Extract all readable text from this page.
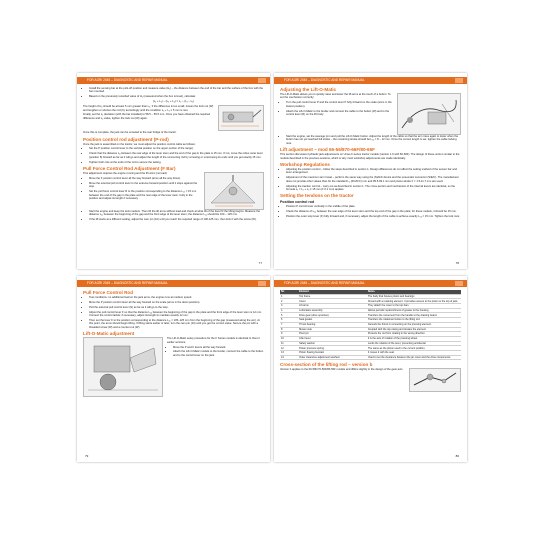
FOR AGRI 2045 – DIAGNOSTIC AND REPAIR MANUAL
• Install the sensing bar at the pick-off position and measure value (H₁) – the distance between the end of the bar and the surface of the box with the bar mounted.
• Based on the previously recorded value of H₁ (measured when the box is level), calculate:

(L₁ + L₂) – (L₃ + L₄) = L₅ – (L₁ – L₂)

The height of H₂ should be at least 5 mm greater than L₅; if the difference is too small, loosen the lock nut (W) and lengthen or shorten the rod (C) accordingly until the condition L₅ + L₂ ≥ 5 mm is met.

Finally, set the L₁ deviation (with the bar installed) to 58.5 – 59.5 mm. Once you have obtained the required difference and L₂ value, tighten the lock nut (W) again.

Once this is complete, the jack can be screwed to the rear bridge of the tractor.

Position control rod adjustment (P-rod)

Once the jack is assembled on the tractor, we must adjust the position control cable as follows:

• Set the P position control lever to the vertical position on the upper portion of the range).
• Check that the distance L₈ between the rear edge of the lever stem and the end of the gap in the plate is 15 mm. If not, move the rebus outer lever (position 8) forward as far as it will go and adjust the length of the connecting rod by screwing or unscrewing its ends until you get exactly 15 mm.
• Tighten both cuts at the ends of the rod to secure the setting.
Pull Force Control Rod Adjustment (F Bar)

This adjustment requires the engine running and the lift arms (no load):

• Move the F position control lever all the way forward (arms all the way down).
• Move the external pull control lever to the extreme forward position until it stops against the stop.
• Set the pull force control lever R to the position corresponding to the distance L₁₀ = 15 mm between the end of the gap in the plate and the rear edge of the lever stem. Fully in the position and adjust its length if necessary.
• Start the engine and keep the lock medium. Then lift the lift arms without load and check at what tilt of the lever R the lifting begins. Measure the distance L₁₁ between the beginning of the gap and the front edge of the lever stem; the distance L₁₁ should be 100 – 125 mm.
• If the lift starts at a different setting, adjust the cam pin (10) until you reach the required range of 100-125 mm, then lock it with the screw (W).
77
FOR AGRI 2045 – DIAGNOSTIC AND REPAIR MANUAL
Adjusting the Lift-O-Matic

The Lift-O-Matic allows you to quickly raise and lower the lift arms at the touch of a button. To set the mechanism correctly:

• Turn the pull control lever P and the control lever P fully forward on the scale (arms in the lowest position).
• Attach the Lift-O-Matic to the fender and connect the cable to the button (W) and to the control lever (R) on the lift body.
• Start the engine, set the average rpm and pull the Lift-O-Matic button. Adjust the length of the cable so that the arm rises again to lower when the button has not yet reached full stroke – the remaining stroke should be L₁₄ = 8 – 12 mm. Once the correct length is set, tighten the cable locking nuts.
Lift adjustment – mod 65-56/870-66F/80-66F

This section discusses hydraulic jack adjustments on Ursus F-series tractor models (version 1.0 with 60-66F). The design of these units is similar to the models described in the previous sections, which is why most workshop adjustments are made identically.

Workshop Regulations
• Adjusting the position control – follow the steps described in section 1. Design differences do not affect the setting method of the sensor bar and lever arrangement.
• Adjustment of the maximum arm travel – perform the same way using the (S)/H/K device and the pneumatic connector (S/E/C). The manufacturer does not provide other values than for the standard L₁ (60-80 F) mm and 95.5-99.1 mm and piston-stroke F = 1.5-11.7 mm are used.
• Adjusting the traction control – carry out as described in section 1. The cross-section and mechanism of the internal levers are identical, so the formula L₁ = L₂ + L₃ ± 15 mm (± 0.1 mm) applies.
Setting the tendons on the tractor
Position control rod
• Position P control lever vertically in the middle of the plate.
• Check the distance of L₁₄ between the rear edge of the lever stem and the top end of the gap in the plate; for these models, it should be 15 mm.
• Position the outer stop lever (F) fully forward and, if necessary, adjust the length of the cable to achieve exactly L₁₄ = 15 mm. Tighten the lock nuts.
78
FOR AGRI 2045 – DIAGNOSTIC AND REPAIR MANUAL
Pull Force Control Rod
• Test conditions: no additional load on the jack arms, the engine runs at medium speed.
• Move the P position control lever all the way forward on the scale (arms in the down position).
• Pull the external pull control lever (N) as far as it will go to the stop.
• Adjust the pull control lever F so that the distance L₁₆ between the beginning of the gap in the plate and the front edge of the lever stem is 12 mm. Connect the control tackle; if necessary, adjust its length to maintain exactly 12 mm.
• Then set the lever F to the position corresponding to the distance L₁₅ = 105–125 mm from the beginning of the gap (measured along the arc). At this point, the arms should begin lifting. If lifting starts earlier or later, turn the cam pin (10) until you get the correct value. Secure the pin with a threaded screw (W) and a counter-nut (W).
Lift-O-Matic adjustment

The Lift-O-Matic setup procedure for the F Series models is identical to that of earlier versions:

• Move the P and F levers all the way forward.
• Attach the Lift-O-Matic module to the fender, connect the cable to the button and to the control lever on the jack.
79
FOR AGRI 2045 – DIAGNOSTIC AND REPAIR MANUAL
No	Element	Notes
1	Top frame	The body that houses piston and bearings
2	Cover	Closed with a retaining element. It provides access to the piston in the top of jack.
3	Lift arms	They attach the cover to the top bars.
4	Lubrication assembly	Allows periodic replenishment of grease to the housing.
5	Drive gear (drive sprocket)	Transfers the movement from the handle to the drawing board.
6	Seal gasket	Transfers the rotational motion to the lifting rod.
7	Thrust bearing	Cancels the thrust in connecting on the pressing element.
8	Mower axle	Coupled with the top casing and locates the element.
9	Pivot pin	Protects the rod from rotating in the wrong direction.
10	Lifter lever	It is the axis of rotation of the pressing wheel.
11	Safety washer	Locks the rotation of the lever, preventing accidental.
12	Piston pressure spring	The same as the piston used in the current position.
13	Piston flowing fountain	It moves it with the seal.
14	Outer clearance adjustment washers	Used to set the clearance between the jar cover and the drive components.
Cross-section of the lifting rod – version b

Version b applies to the 60-56F/70-56F/80-56F models and differs slightly in the design of the gear axis.

80
